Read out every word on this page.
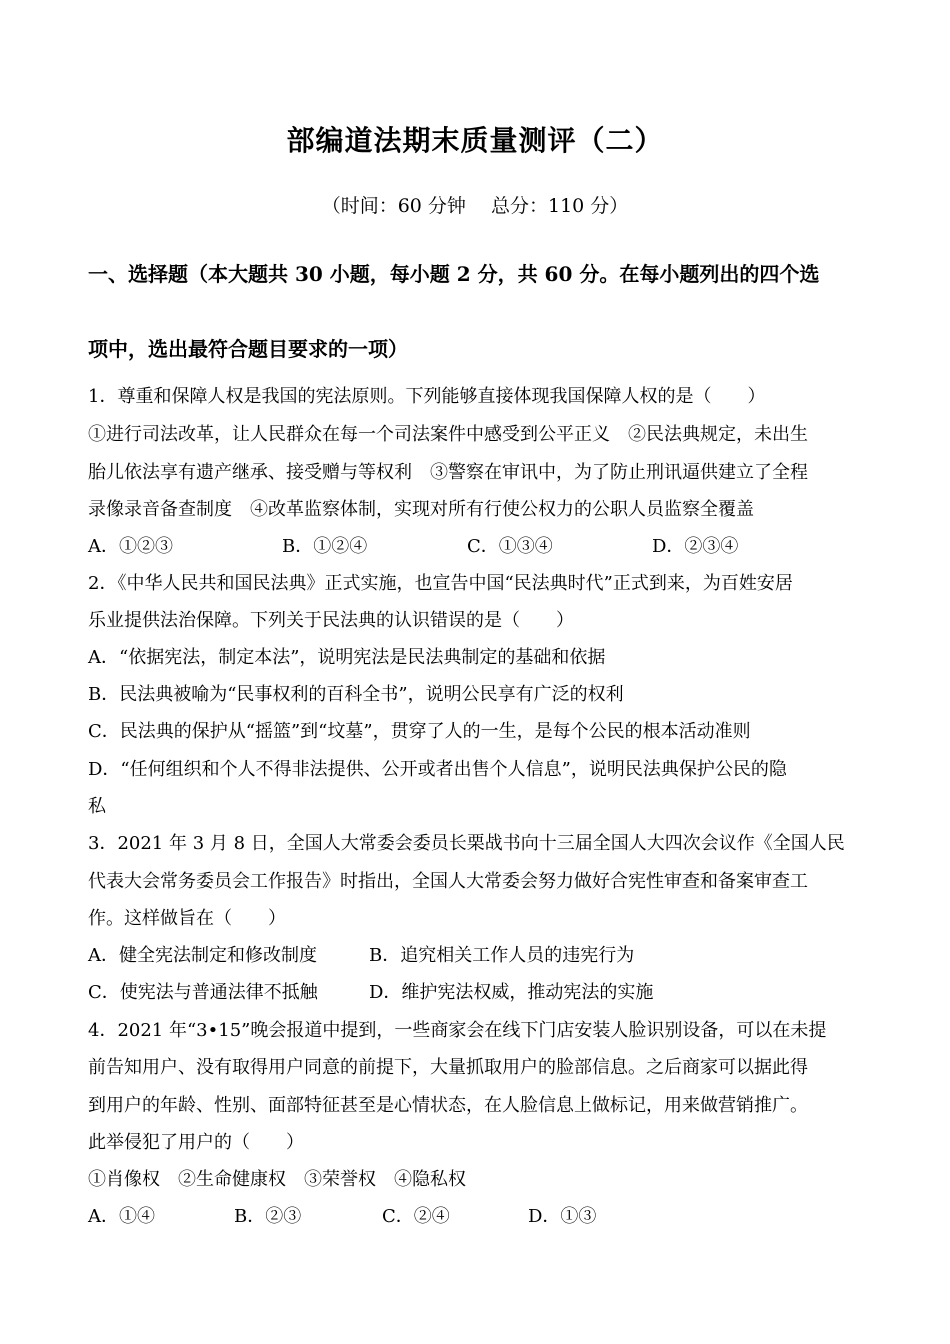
部编道法期末质量测评（二）
（时间：60 分钟　 总分：110 分）
一、选择题（本大题共 30 小题，每小题 2 分，共 60 分。在每小题列出的四个选
项中，选出最符合题目要求的一项）
1．尊重和保障人权是我国的宪法原则。下列能够直接体现我国保障人权的是（　　）
①进行司法改革，让人民群众在每一个司法案件中感受到公平正义　②民法典规定，未出生
胎儿依法享有遗产继承、接受赠与等权利　③警察在审讯中，为了防止刑讯逼供建立了全程
录像录音备查制度　④改革监察体制，实现对所有行使公权力的公职人员监察全覆盖
A．①②③	B．①②④	C．①③④	D．②③④
2．《中华人民共和国民法典》正式实施，也宣告中国“民法典时代”正式到来，为百姓安居
乐业提供法治保障。下列关于民法典的认识错误的是（　　）
A．“依据宪法，制定本法”，说明宪法是民法典制定的基础和依据
B．民法典被喻为“民事权利的百科全书”，说明公民享有广泛的权利
C．民法典的保护从“摇篮”到“坟墓”，贯穿了人的一生，是每个公民的根本活动准则
D．“任何组织和个人不得非法提供、公开或者出售个人信息”，说明民法典保护公民的隐
私
3．2021 年 3 月 8 日，全国人大常委会委员长栗战书向十三届全国人大四次会议作《全国人民
代表大会常务委员会工作报告》时指出，全国人大常委会努力做好合宪性审查和备案审查工
作。这样做旨在（　　）
A．健全宪法制定和修改制度	B．追究相关工作人员的违宪行为
C．使宪法与普通法律不抵触	D．维护宪法权威，推动宪法的实施
4．2021 年“3•15”晚会报道中提到，一些商家会在线下门店安装人脸识别设备，可以在未提
前告知用户、没有取得用户同意的前提下，大量抓取用户的脸部信息。之后商家可以据此得
到用户的年龄、性别、面部特征甚至是心情状态，在人脸信息上做标记，用来做营销推广。
此举侵犯了用户的（　　）
①肖像权　②生命健康权　③荣誉权　④隐私权
A．①④	B．②③	C．②④	D．①③
